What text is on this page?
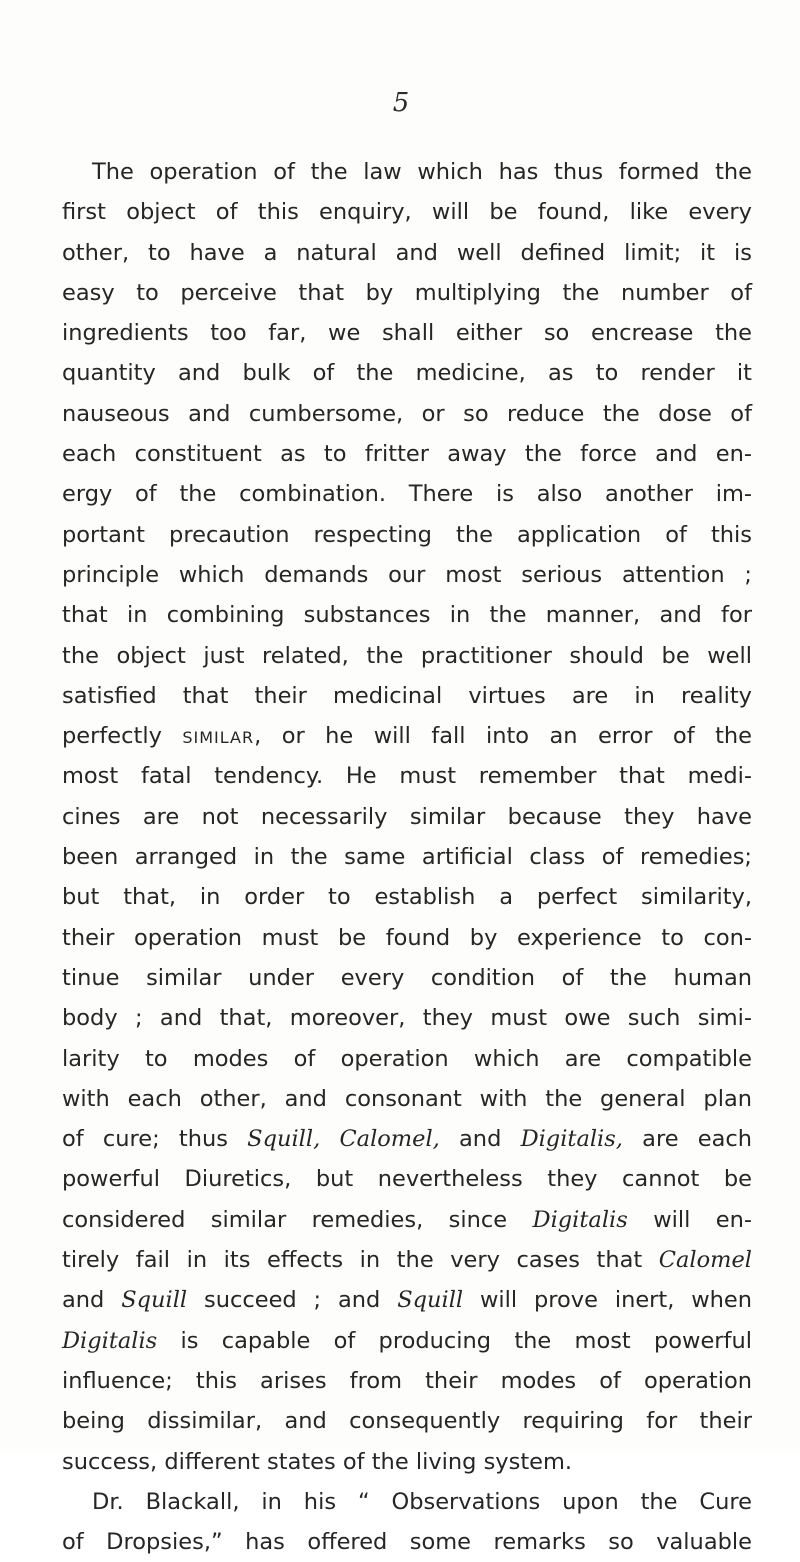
5
The operation of the law which has thus formed the
first object of this enquiry, will be found, like every
other, to have a natural and well defined limit; it is
easy to perceive that by multiplying the number of
ingredients too far, we shall either so encrease the
quantity and bulk of the medicine, as to render it
nauseous and cumbersome, or so reduce the dose of
each constituent as to fritter away the force and en-
ergy of the combination. There is also another im-
portant precaution respecting the application of this
principle which demands our most serious attention ;
that in combining substances in the manner, and for
the object just related, the practitioner should be well
satisfied that their medicinal virtues are in reality
perfectly similar, or he will fall into an error of the
most fatal tendency. He must remember that medi-
cines are not necessarily similar because they have
been arranged in the same artificial class of remedies;
but that, in order to establish a perfect similarity,
their operation must be found by experience to con-
tinue similar under every condition of the human
body ; and that, moreover, they must owe such simi-
larity to modes of operation which are compatible
with each other, and consonant with the general plan
of cure; thus Squill, Calomel, and Digitalis, are each
powerful Diuretics, but nevertheless they cannot be
considered similar remedies, since Digitalis will en-
tirely fail in its effects in the very cases that Calomel
and Squill succeed ; and Squill will prove inert, when
Digitalis is capable of producing the most powerful
influence; this arises from their modes of operation
being dissimilar, and consequently requiring for their
success, different states of the living system.
Dr. Blackall, in his “ Observations upon the Cure
of Dropsies,” has offered some remarks so valuable
